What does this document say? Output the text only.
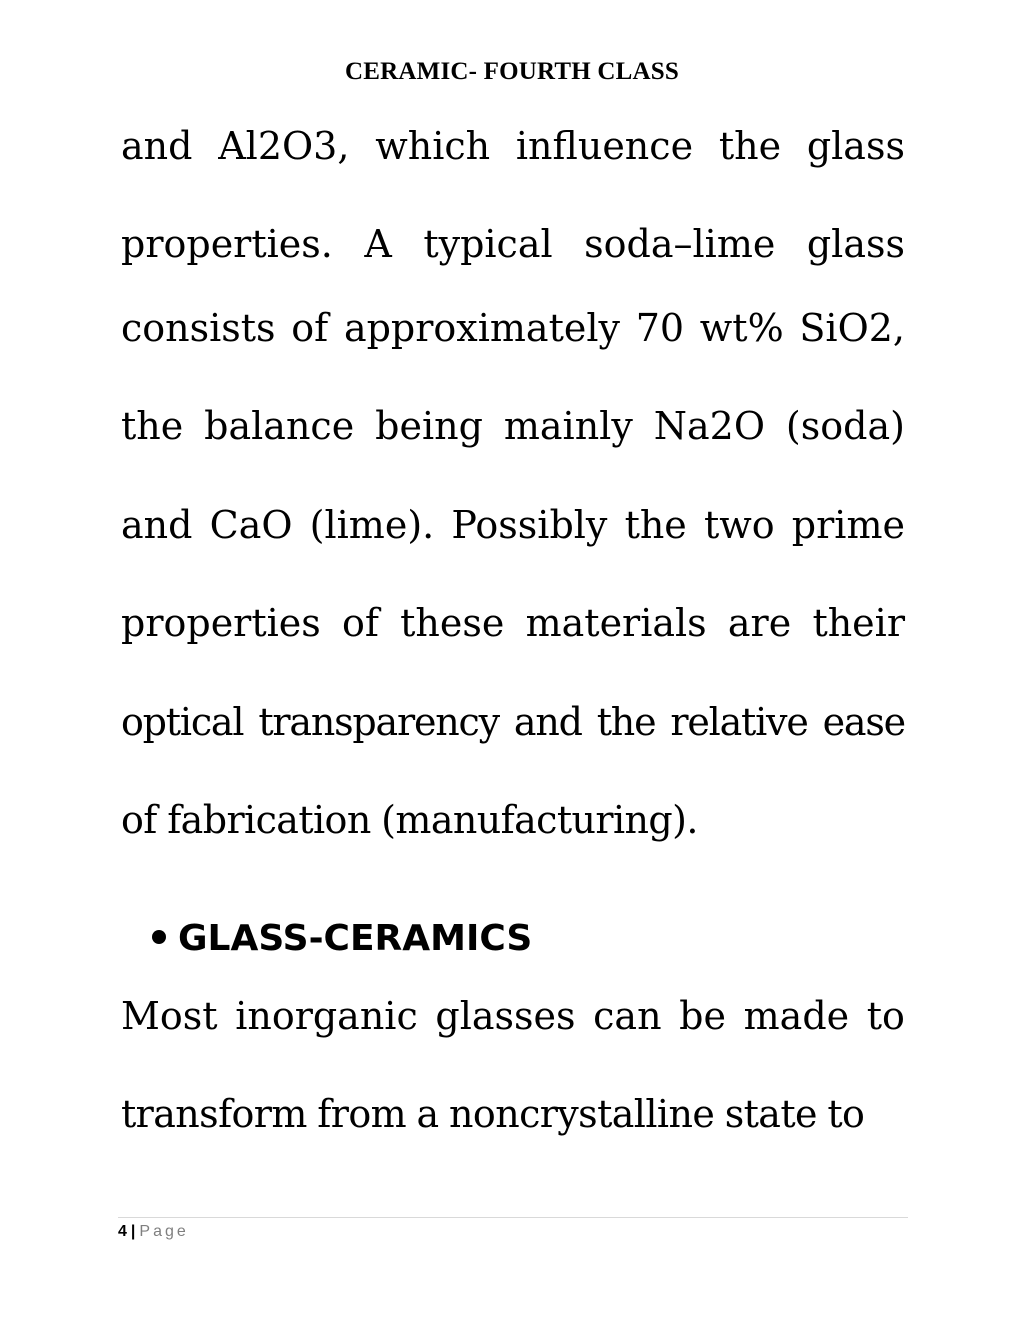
CERAMIC- FOURTH CLASS
and Al2O3, which influence the glass
properties. A typical soda–lime glass
consists of approximately 70 wt% SiO2,
the balance being mainly Na2O (soda)
and CaO (lime). Possibly the two prime
properties of these materials are their
optical transparency and the relative ease
of fabrication (manufacturing).
GLASS-CERAMICS
Most inorganic glasses can be made to
transform from a noncrystalline state to
4 | Page
